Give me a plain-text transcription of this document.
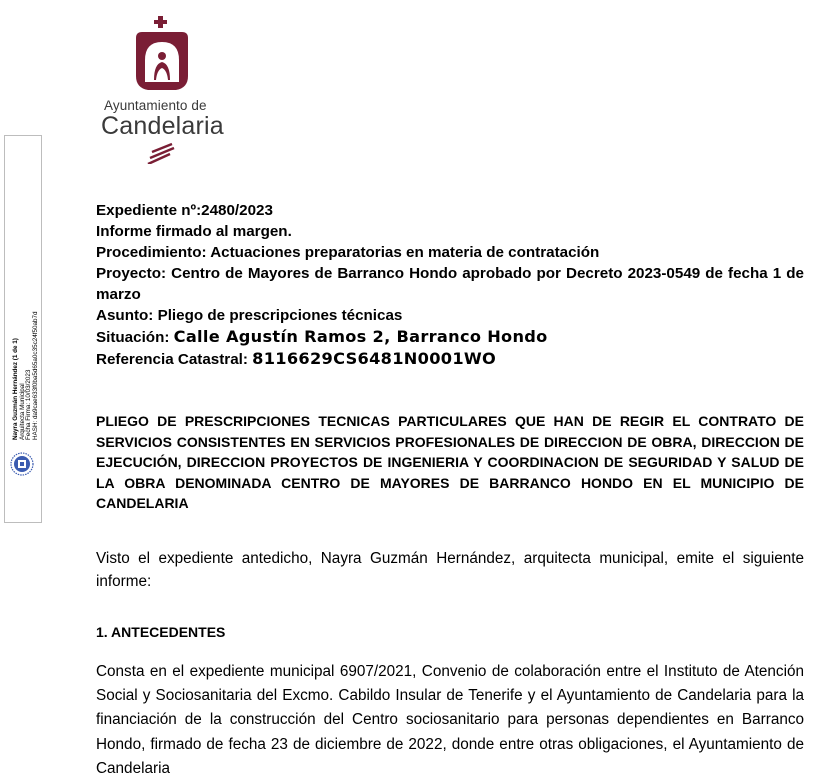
Ayuntamiento de
Candelaria
Nayra Guzmán Hernández (1 de 1)
Arquitecta Municipal
Fecha Firma: 10/03/2023
HASH: da9cae633f0ba5d65a0c35c24f50ab7d
Expediente nº:2480/2023
Informe firmado al margen.
Procedimiento: Actuaciones preparatorias en materia de contratación
Proyecto: Centro de Mayores de Barranco Hondo aprobado por Decreto 2023-0549 de fecha 1 de marzo
Asunto: Pliego de prescripciones técnicas
Situación: Calle Agustín Ramos 2, Barranco Hondo
Referencia Catastral: 8116629CS6481N0001WO
PLIEGO DE PRESCRIPCIONES TECNICAS PARTICULARES QUE HAN DE REGIR EL CONTRATO DE SERVICIOS CONSISTENTES EN SERVICIOS PROFESIONALES DE DIRECCION DE OBRA, DIRECCION DE EJECUCIÓN, DIRECCION PROYECTOS DE INGENIERIA Y COORDINACION DE SEGURIDAD Y SALUD DE LA OBRA DENOMINADA CENTRO DE MAYORES DE BARRANCO HONDO EN EL MUNICIPIO DE CANDELARIA
Visto el expediente antedicho, Nayra Guzmán Hernández, arquitecta municipal, emite el siguiente informe:
1. ANTECEDENTES
Consta en el expediente municipal 6907/2021, Convenio de colaboración entre el Instituto de Atención Social y Sociosanitaria del Excmo. Cabildo Insular de Tenerife y el Ayuntamiento de Candelaria para la financiación de la construcción del Centro sociosanitario para personas dependientes en Barranco Hondo, firmado de fecha 23 de diciembre de 2022, donde entre otras obligaciones, el Ayuntamiento de Candelaria
